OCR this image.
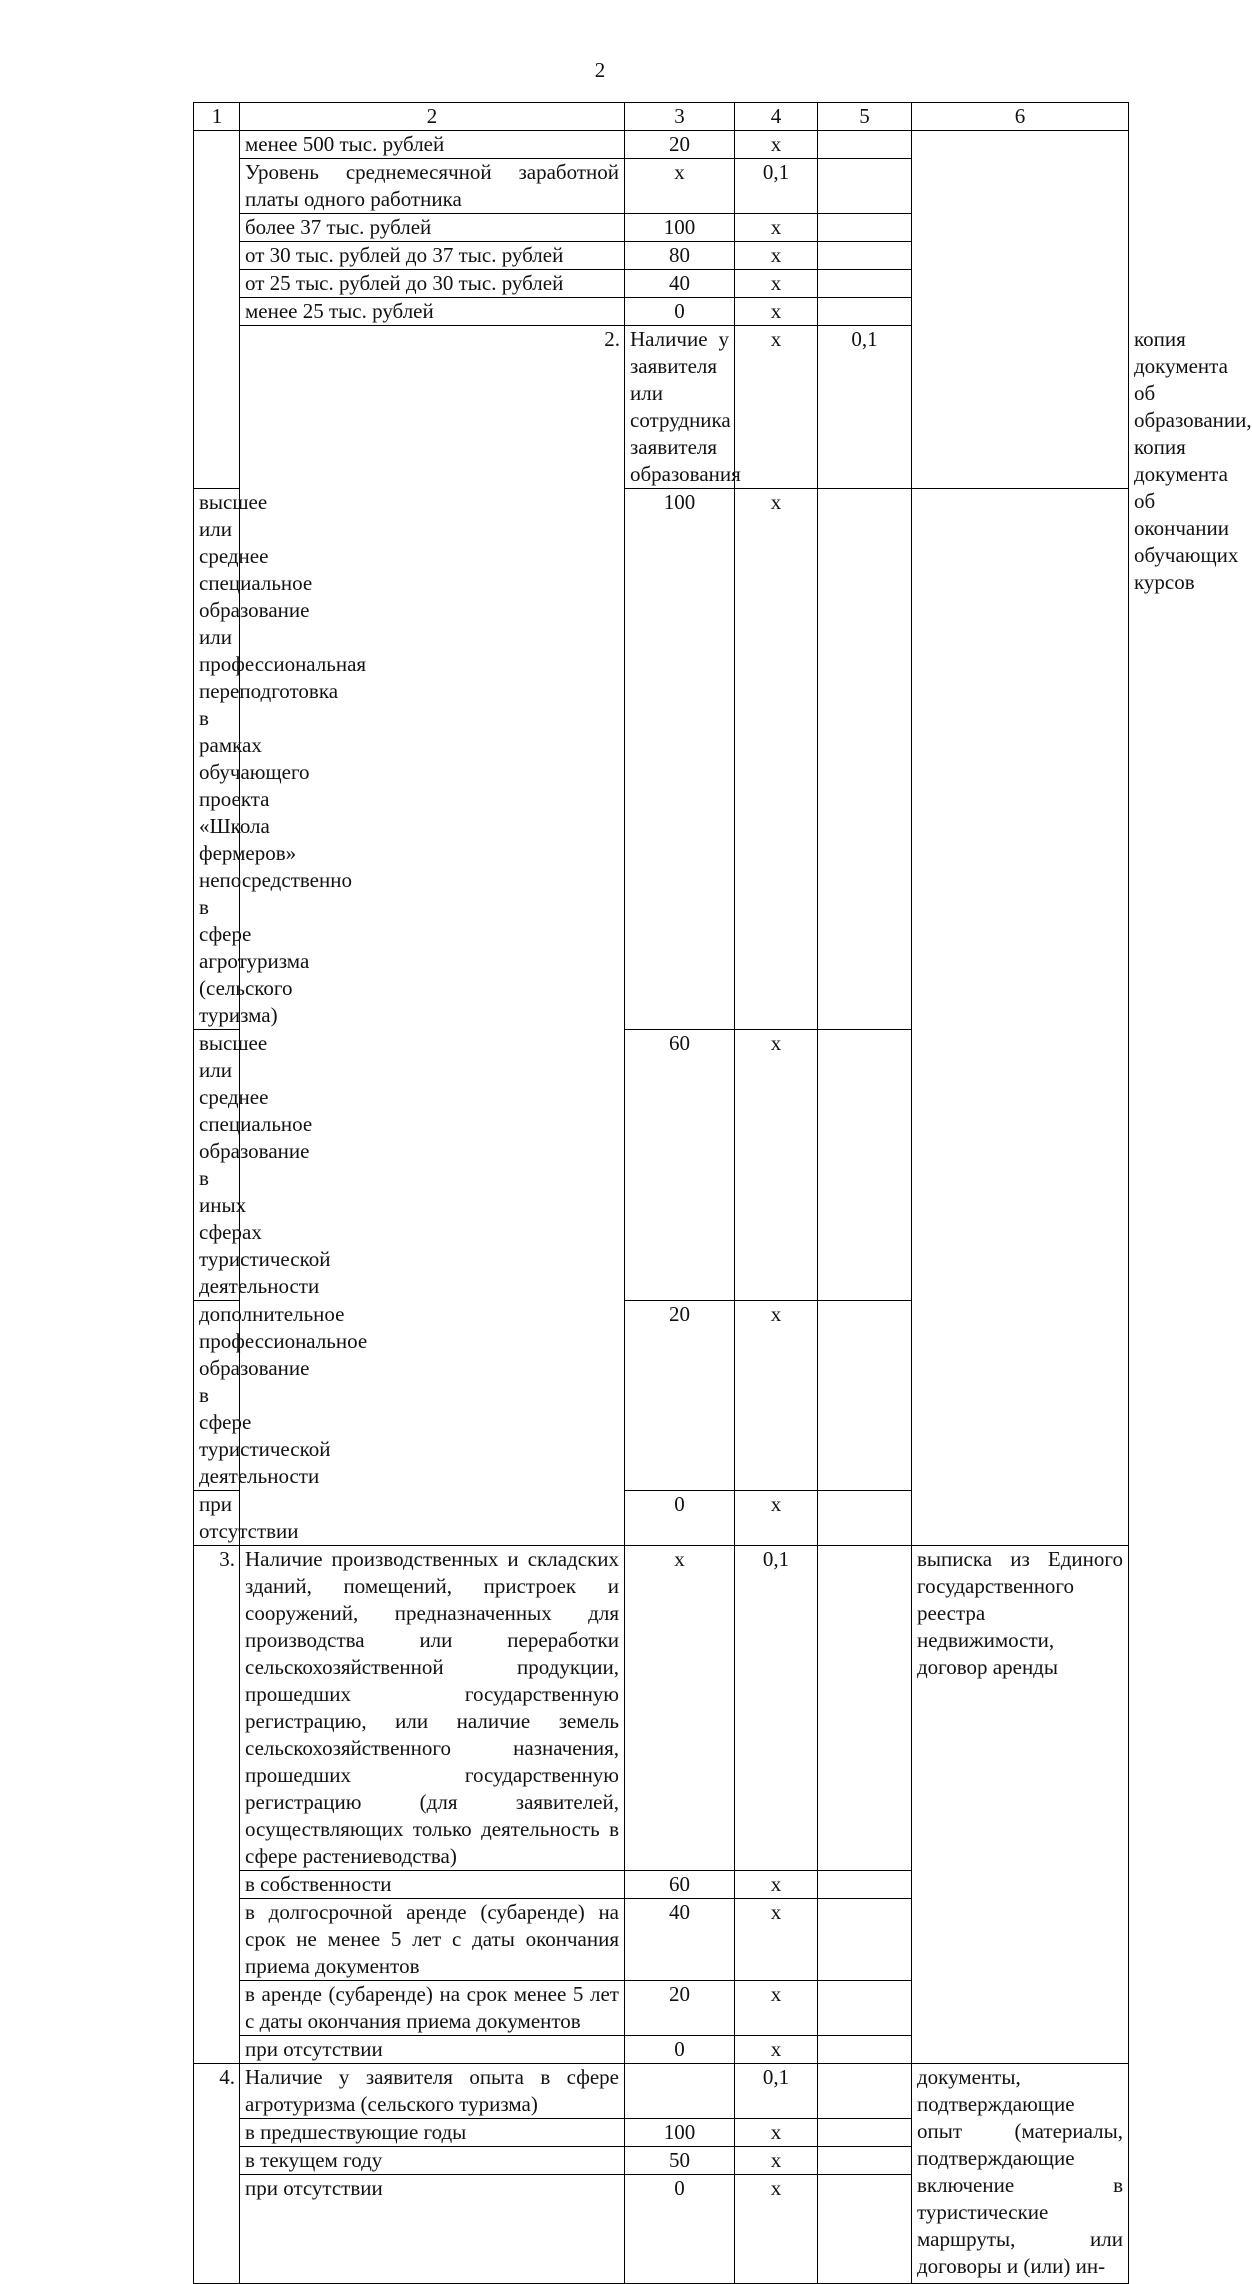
2
1	2	3	4	5	6	
	менее 500 тыс. рублей	20	х			
	Уровень среднемесячной заработной платы одного работника	х	0,1			
	более 37 тыс. рублей	100	х			
	от 30 тыс. рублей до 37 тыс. рублей	80	х			
	от 25 тыс. рублей до 30 тыс. рублей	40	х			
	менее 25 тыс. рублей	0	х			
	2.	Наличие у заявителя или сотрудника заявителя образования	х	0,1		копия документа об образовании, копия документа об окончании обучающих курсов
высшее или среднее специальное образование или профессиональная переподготовка в рамках обучающего проекта «Школа фермеров» непосредственно в сфере агротуризма (сельского туризма)		100	х			
высшее или среднее специальное образование в иных сферах туристической деятельности		60	х			
дополнительное профессиональное образование в сфере туристической деятельности		20	х			
при отсутствии		0	х			
3.	Наличие производственных и складских зданий, помещений, пристроек и сооружений, предназначенных для производства или переработки сельскохозяйственной продукции, прошедших государственную регистрацию, или наличие земель сельскохозяйственного назначения, прошедших государственную регистрацию (для заявителей, осуществляющих только деятельность в сфере растениеводства)	х	0,1		выписка из Единого государственного реестра недвижимости, договор аренды	
	в собственности	60	х			
	в долгосрочной аренде (субаренде) на срок не менее 5 лет с даты окончания приема документов	40	х			
	в аренде (субаренде) на срок менее 5 лет с даты окончания приема документов	20	х			
	при отсутствии	0	х			
4.	Наличие у заявителя опыта в сфере агротуризма (сельского туризма)		0,1		документы, подтверждающие опыт (материалы, подтверждающие включение в туристические маршруты, или договоры и (или) ин-	
	в предшествующие годы	100	х			
	в текущем году	50	х			
	при отсутствии	0	х			
